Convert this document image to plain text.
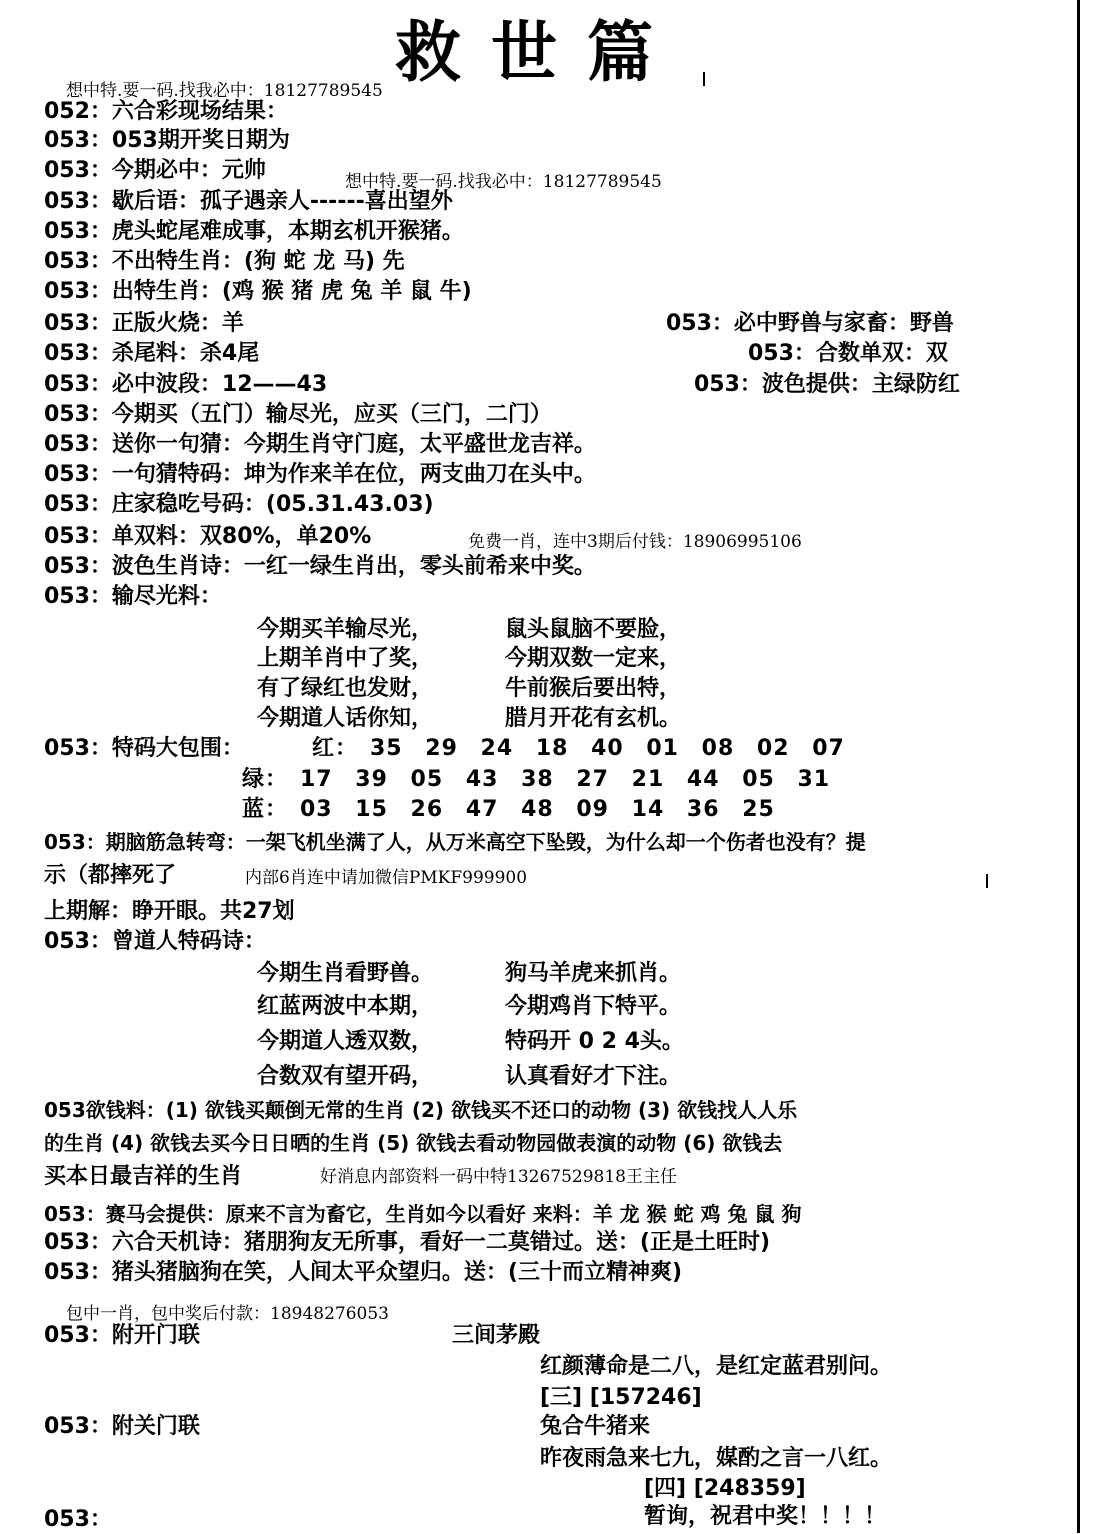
救世篇
想中特.要一码.找我必中：18127789545
052：六合彩现场结果：
053：053期开奖日期为
053：今期必中：元帅	想中特.要一码.找我必中：18127789545
053：歇后语：孤子遇亲人------喜出望外
053：虎头蛇尾难成事，本期玄机开猴猪。
053：不出特生肖：(狗 蛇 龙 马) 先
053：出特生肖：(鸡 猴 猪 虎 兔 羊 鼠 牛)
053：正版火烧：羊	053：必中野兽与家畜：野兽
053：杀尾料：杀4尾	053：合数单双：双
053：必中波段：12——43	053：波色提供：主绿防红
053：今期买（五门）输尽光，应买（三门，二门）
053：送你一句猜：今期生肖守门庭，太平盛世龙吉祥。
053：一句猜特码：坤为作来羊在位，两支曲刀在头中。
053：庄家稳吃号码：(05.31.43.03)
053：单双料：双80%，单20%	免费一肖，连中3期后付钱：18906995106
053：波色生肖诗：一红一绿生肖出，零头前希来中奖。
053：输尽光料：
今期买羊输尽光，	鼠头鼠脑不要脸，
上期羊肖中了奖，	今期双数一定来，
有了绿红也发财，	牛前猴后要出特，
今期道人话你知，	腊月开花有玄机。
053：特码大包围：	红： 35 29 24 18 40 01 08 02 07
绿： 17 39 05 43 38 27 21 44 05 31
蓝： 03 15 26 47 48 09 14 36 25
053：期脑筋急转弯：一架飞机坐满了人，从万米高空下坠毁，为什么却一个伤者也没有？提
示（都摔死了	内部6肖连中请加微信PMKF999900
上期解：睁开眼。共27划
053：曾道人特码诗：
今期生肖看野兽。	狗马羊虎来抓肖。
红蓝两波中本期，	今期鸡肖下特平。
今期道人透双数，	特码开 0 2 4头。
合数双有望开码，	认真看好才下注。
053欲钱料：(1) 欲钱买颠倒无常的生肖 (2) 欲钱买不还口的动物 (3) 欲钱找人人乐
的生肖 (4) 欲钱去买今日日晒的生肖 (5) 欲钱去看动物园做表演的动物 (6) 欲钱去
买本日最吉祥的生肖	好消息内部资料一码中特13267529818王主任
053：赛马会提供：原来不言为畜它，生肖如今以看好 来料：羊 龙 猴 蛇 鸡 兔 鼠 狗
053：六合天机诗：猪朋狗友无所事，看好一二莫错过。送：(正是土旺时)
053：猪头猪脑狗在笑，人间太平众望归。送：(三十而立精神爽)
包中一肖，包中奖后付款：18948276053
053：附开门联	三间茅殿
红颜薄命是二八，是红定蓝君别问。
[三] [157246]
053：附关门联	兔合牛猪来
昨夜雨急来七九，媒酌之言一八红。
[四] [248359]
暂询，祝君中奖！！！！
053：
